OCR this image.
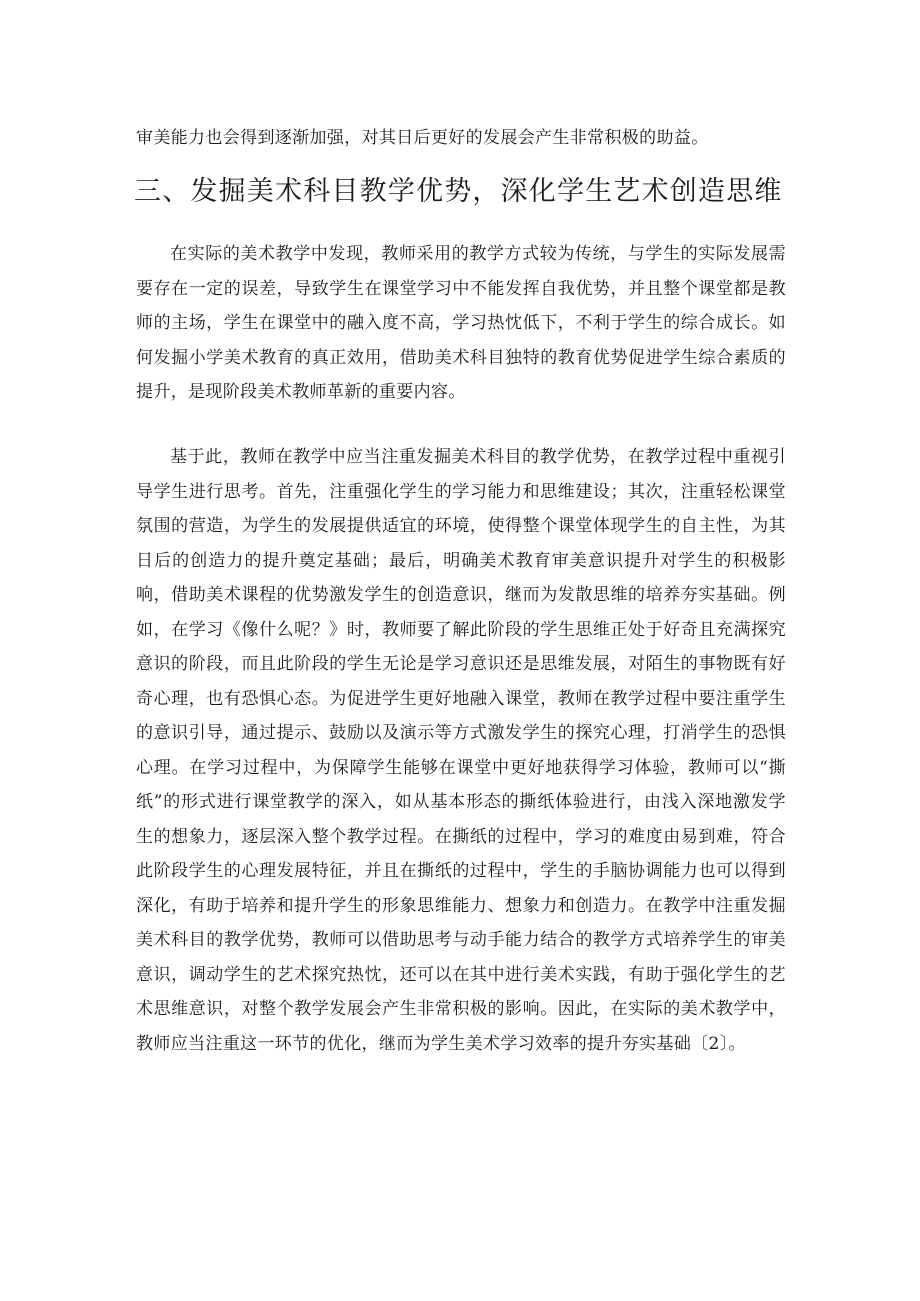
审美能力也会得到逐渐加强，对其日后更好的发展会产生非常积极的助益。

三、发掘美术科目教学优势，深化学生艺术创造思维

在实际的美术教学中发现，教师采用的教学方式较为传统，与学生的实际发展需要存在一定的误差，导致学生在课堂学习中不能发挥自我优势，并且整个课堂都是教师的主场，学生在课堂中的融入度不高，学习热忱低下，不利于学生的综合成长。如何发掘小学美术教育的真正效用，借助美术科目独特的教育优势促进学生综合素质的提升，是现阶段美术教师革新的重要内容。

基于此，教师在教学中应当注重发掘美术科目的教学优势，在教学过程中重视引导学生进行思考。首先，注重强化学生的学习能力和思维建设；其次，注重轻松课堂氛围的营造，为学生的发展提供适宜的环境，使得整个课堂体现学生的自主性，为其日后的创造力的提升奠定基础；最后，明确美术教育审美意识提升对学生的积极影响，借助美术课程的优势激发学生的创造意识，继而为发散思维的培养夯实基础。例如，在学习《像什么呢？》时，教师要了解此阶段的学生思维正处于好奇且充满探究意识的阶段，而且此阶段的学生无论是学习意识还是思维发展，对陌生的事物既有好奇心理，也有恐惧心态。为促进学生更好地融入课堂，教师在教学过程中要注重学生的意识引导，通过提示、鼓励以及演示等方式激发学生的探究心理，打消学生的恐惧心理。在学习过程中，为保障学生能够在课堂中更好地获得学习体验，教师可以“撕纸”的形式进行课堂教学的深入，如从基本形态的撕纸体验进行，由浅入深地激发学生的想象力，逐层深入整个教学过程。在撕纸的过程中，学习的难度由易到难，符合此阶段学生的心理发展特征，并且在撕纸的过程中，学生的手脑协调能力也可以得到深化，有助于培养和提升学生的形象思维能力、想象力和创造力。在教学中注重发掘美术科目的教学优势，教师可以借助思考与动手能力结合的教学方式培养学生的审美意识，调动学生的艺术探究热忱，还可以在其中进行美术实践，有助于强化学生的艺术思维意识，对整个教学发展会产生非常积极的影响。因此，在实际的美术教学中，教师应当注重这一环节的优化，继而为学生美术学习效率的提升夯实基础〔2〕。
